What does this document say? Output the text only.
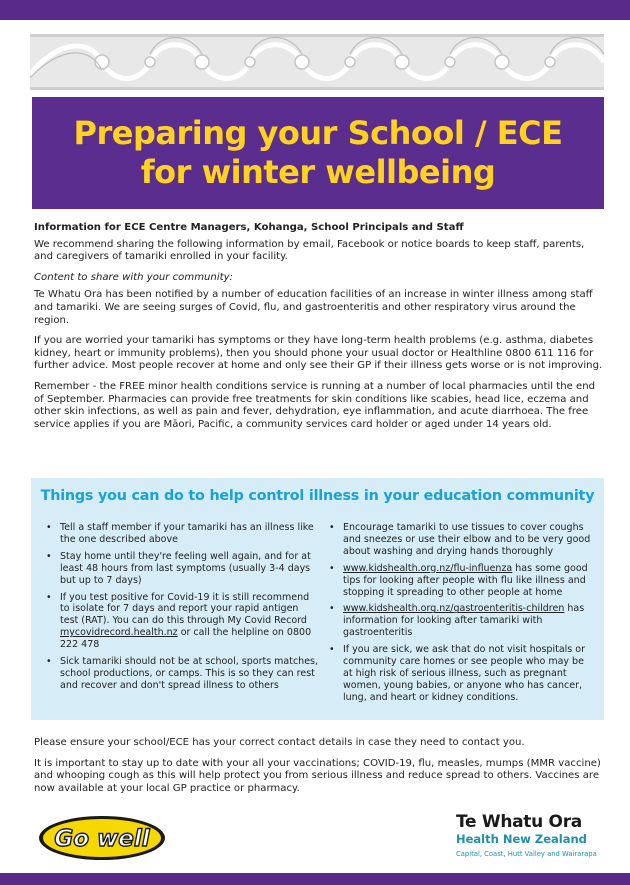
Preparing your School / ECE
for winter wellbeing
Information for ECE Centre Managers, Kohanga, School Principals and Staff

We recommend sharing the following information by email, Facebook or notice boards to keep staff, parents, and caregivers of tamariki enrolled in your facility.

Content to share with your community:

Te Whatu Ora has been notified by a number of education facilities of an increase in winter illness among staff and tamariki. We are seeing surges of Covid, flu, and gastroenteritis and other respiratory virus around the region.

If you are worried your tamariki has symptoms or they have long-term health problems (e.g. asthma, diabetes kidney, heart or immunity problems), then you should phone your usual doctor or Healthline 0800 611 116 for further advice. Most people recover at home and only see their GP if their illness gets worse or is not improving.

Remember - the FREE minor health conditions service is running at a number of local pharmacies until the end of September. Pharmacies can provide free treatments for skin conditions like scabies, head lice, eczema and other skin infections, as well as pain and fever, dehydration, eye inflammation, and acute diarrhoea. The free service applies if you are Māori, Pacific, a community services card holder or aged under 14 years old.

Things you can do to help control illness in your education community
• Tell a staff member if your tamariki has an illness like the one described above
• Stay home until they're feeling well again, and for at least 48 hours from last symptoms (usually 3-4 days but up to 7 days)
• If you test positive for Covid-19 it is still recommend to isolate for 7 days and report your rapid antigen test (RAT). You can do this through My Covid Record mycovidrecord.health.nz or call the helpline on 0800 222 478
• Sick tamariki should not be at school, sports matches, school productions, or camps. This is so they can rest and recover and don't spread illness to others
• Encourage tamariki to use tissues to cover coughs and sneezes or use their elbow and to be very good about washing and drying hands thoroughly
• www.kidshealth.org.nz/flu-influenza has some good tips for looking after people with flu like illness and stopping it spreading to other people at home
• www.kidshealth.org.nz/gastroenteritis-children has information for looking after tamariki with gastroenteritis
• If you are sick, we ask that do not visit hospitals or community care homes or see people who may be at high risk of serious illness, such as pregnant women, young babies, or anyone who has cancer, lung, and heart or kidney conditions.

Please ensure your school/ECE has your correct contact details in case they need to contact you.

It is important to stay up to date with your all your vaccinations; COVID-19, flu, measles, mumps (MMR vaccine) and whooping cough as this will help protect you from serious illness and reduce spread to others. Vaccines are now available at your local GP practice or pharmacy.

Go well
Te Whatu Ora
Health New Zealand
Capital, Coast, Hutt Valley and Wairarapa
